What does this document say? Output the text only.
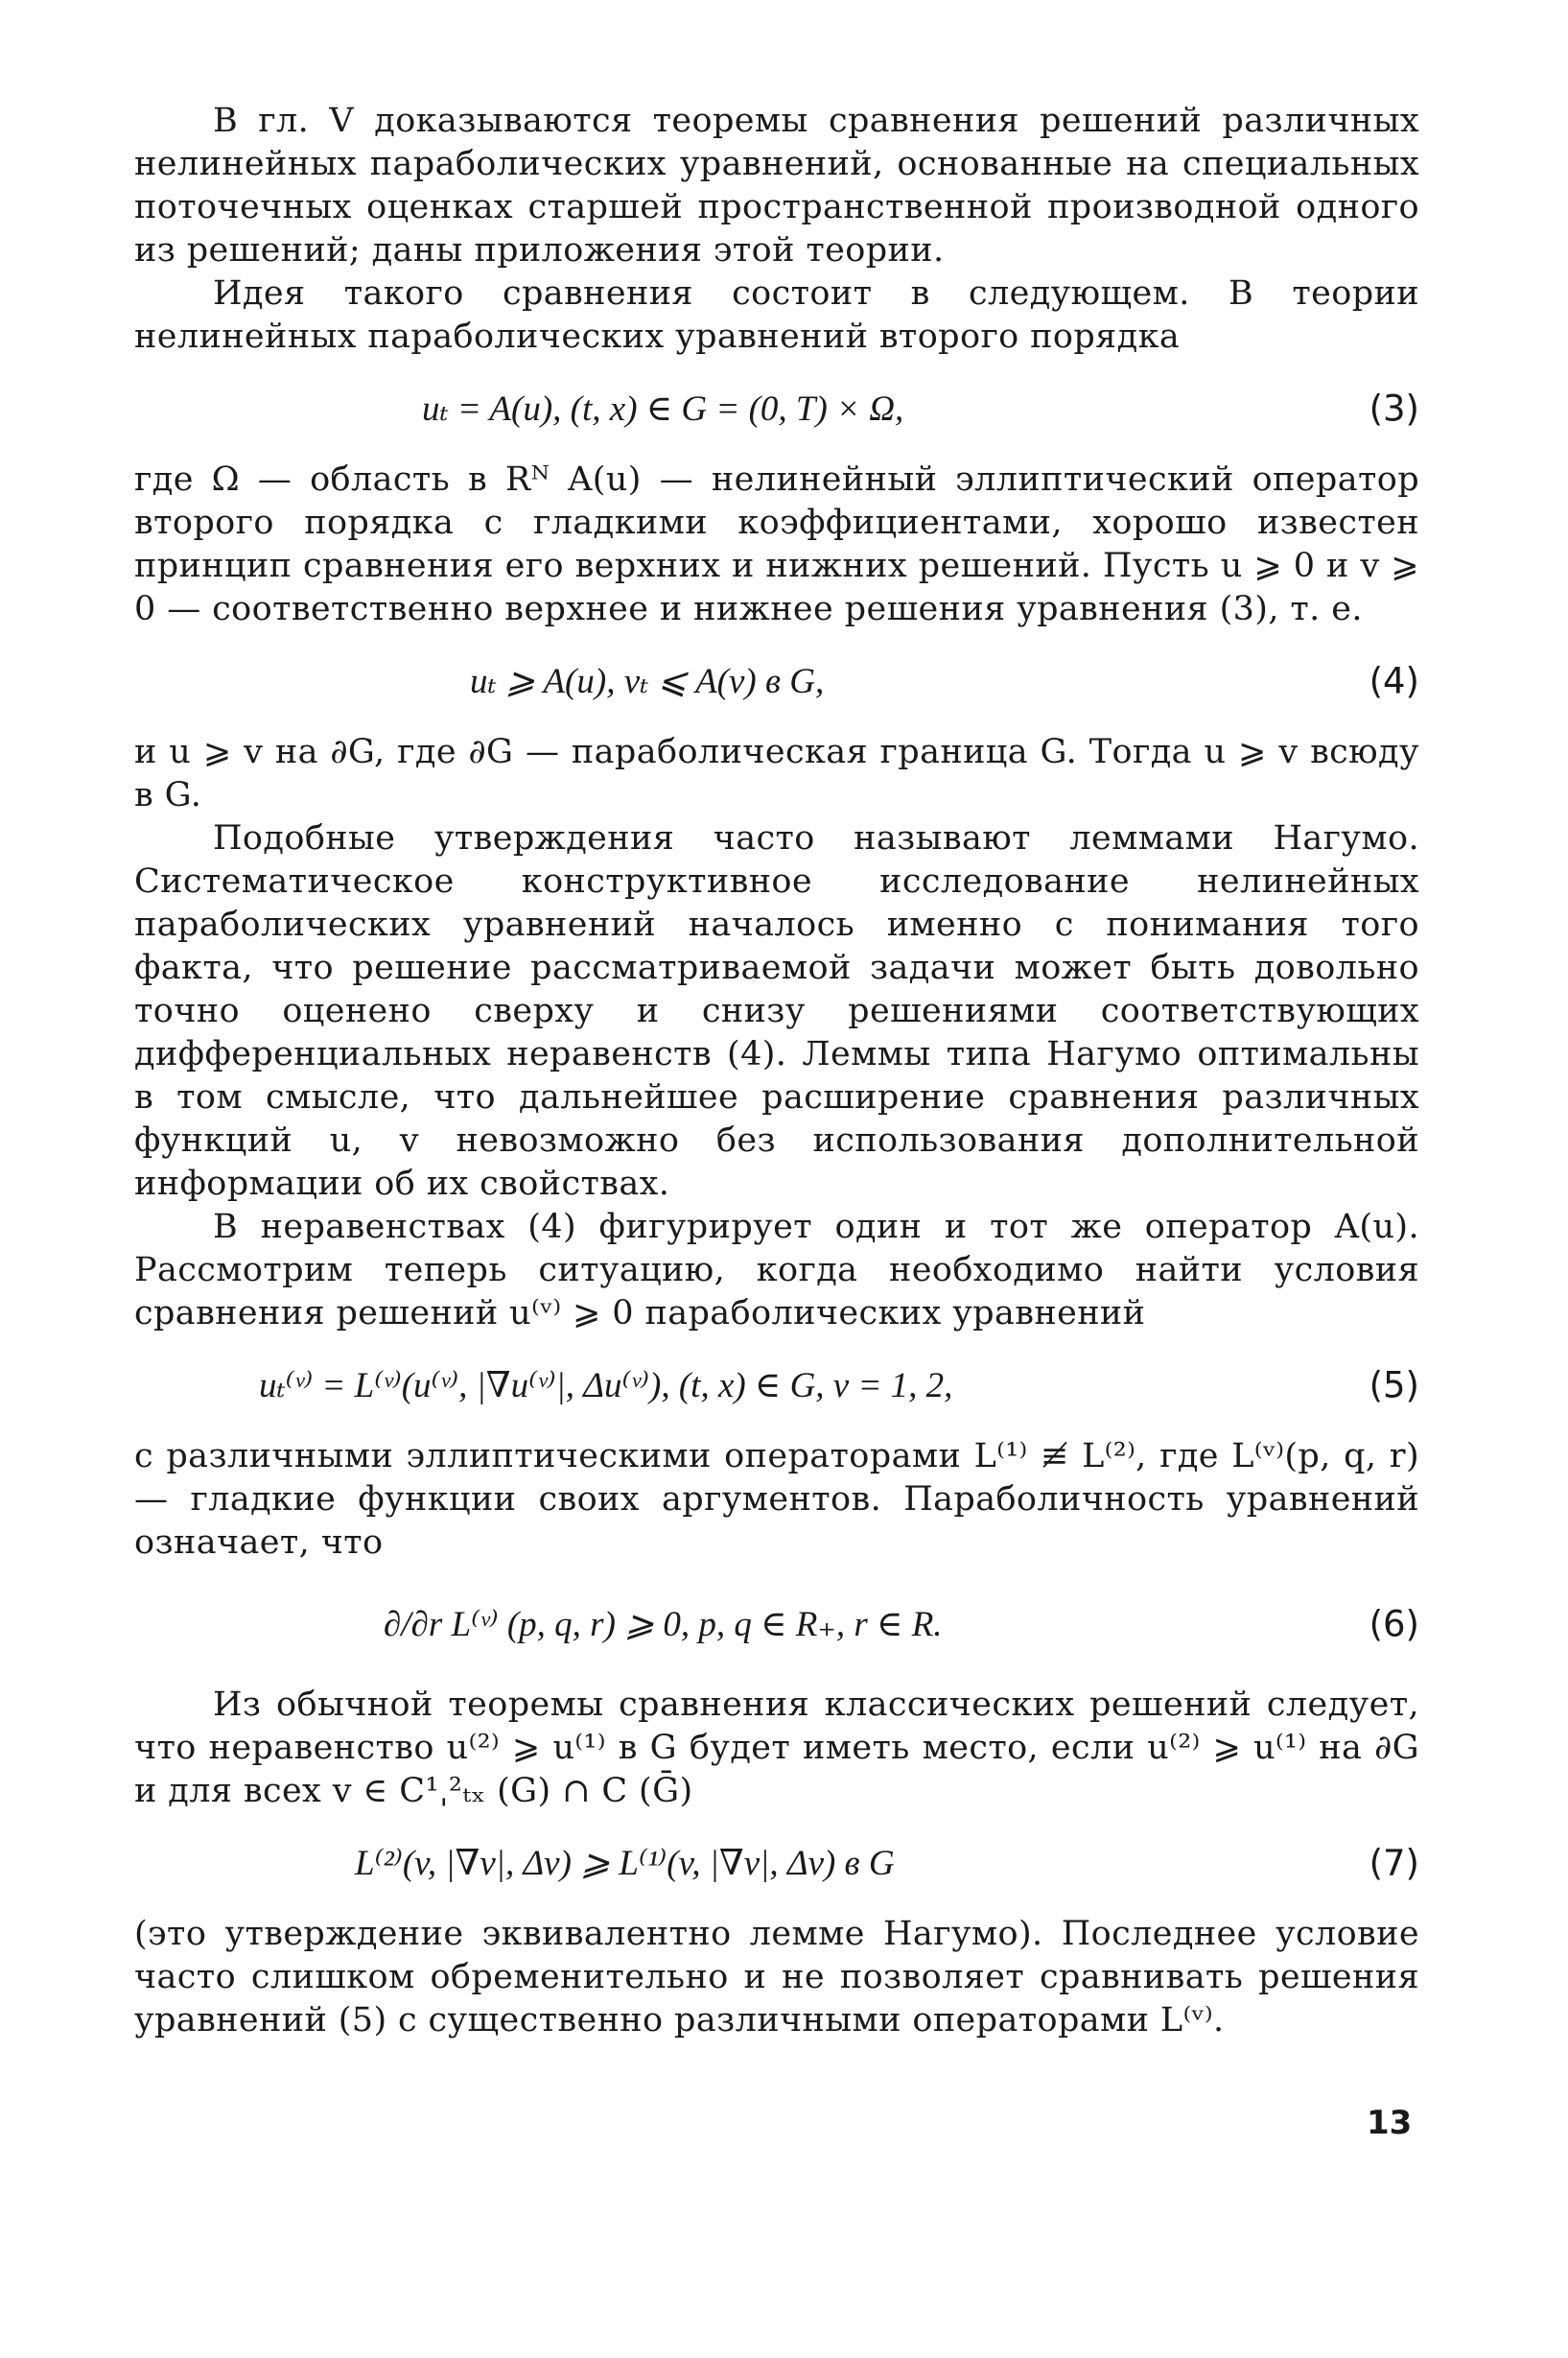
В гл. V доказываются теоремы сравнения решений различных нелинейных параболических уравнений, основанные на специальных поточечных оценках старшей пространственной производной одного из решений; даны приложения этой теории.

Идея такого сравнения состоит в следующем. В теории нелинейных параболических уравнений второго порядка

uₜ = A(u), (t, x) ∈ G = (0, T) × Ω,	(3)

где Ω — область в Rᴺ A(u) — нелинейный эллиптический оператор второго порядка с гладкими коэффициентами, хорошо известен принцип сравнения его верхних и нижних решений. Пусть u ⩾ 0 и v ⩾ 0 — соответственно верхнее и нижнее решения уравнения (3), т. е.

uₜ ⩾ A(u), vₜ ⩽ A(v) в G,	(4)

и u ⩾ v на ∂G, где ∂G — параболическая граница G. Тогда u ⩾ v всюду в G.

Подобные утверждения часто называют леммами Нагумо. Систематическое конструктивное исследование нелинейных параболических уравнений началось именно с понимания того факта, что решение рассматриваемой задачи может быть довольно точно оценено сверху и снизу решениями соответствующих дифференциальных неравенств (4). Леммы типа Нагумо оптимальны в том смысле, что дальнейшее расширение сравнения различных функций u, v невозможно без использования дополнительной информации об их свойствах.

В неравенствах (4) фигурирует один и тот же оператор A(u). Рассмотрим теперь ситуацию, когда необходимо найти условия сравнения решений u⁽ᵛ⁾ ⩾ 0 параболических уравнений

uₜ⁽ᵛ⁾ = L⁽ᵛ⁾(u⁽ᵛ⁾, |∇u⁽ᵛ⁾|, Δu⁽ᵛ⁾), (t, x) ∈ G, ν = 1, 2,	(5)

с различными эллиптическими операторами L⁽¹⁾ ≢ L⁽²⁾, где L⁽ᵛ⁾(p, q, r) — гладкие функции своих аргументов. Параболичность уравнений означает, что

∂/∂r L⁽ᵛ⁾ (p, q, r) ⩾ 0, p, q ∈ R₊, r ∈ R.	(6)

Из обычной теоремы сравнения классических решений следует, что неравенство u⁽²⁾ ⩾ u⁽¹⁾ в G будет иметь место, если u⁽²⁾ ⩾ u⁽¹⁾ на ∂G и для всех v ∈ C¹ˌ²ₜₓ (G) ∩ C (Ḡ)

L⁽²⁾(v, |∇v|, Δv) ⩾ L⁽¹⁾(v, |∇v|, Δv) в G	(7)

(это утверждение эквивалентно лемме Нагумо). Последнее условие часто слишком обременительно и не позволяет сравнивать решения уравнений (5) с существенно различными операторами L⁽ᵛ⁾.

13
